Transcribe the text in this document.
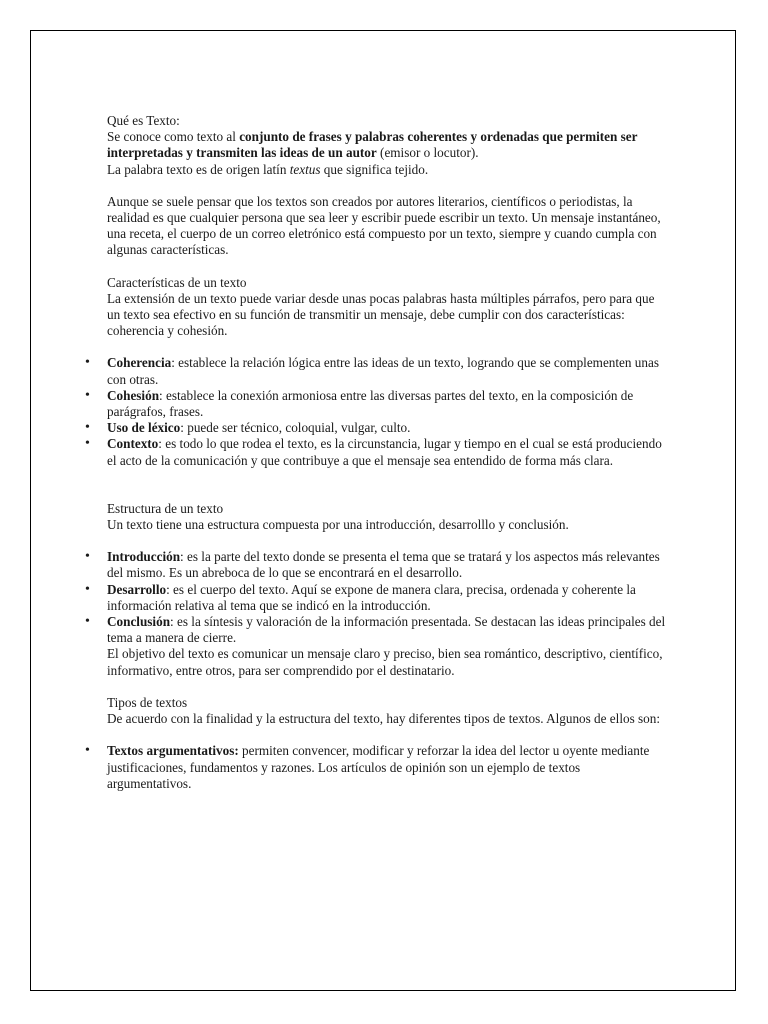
Qué es Texto:

Se conoce como texto al conjunto de frases y palabras coherentes y ordenadas que permiten ser interpretadas y transmiten las ideas de un autor (emisor o locutor).

La palabra texto es de origen latín textus que significa tejido.

Aunque se suele pensar que los textos son creados por autores literarios, científicos o periodistas, la realidad es que cualquier persona que sea leer y escribir puede escribir un texto. Un mensaje instantáneo, una receta, el cuerpo de un correo eletrónico está compuesto por un texto, siempre y cuando cumpla con algunas características.

Características de un texto

La extensión de un texto puede variar desde unas pocas palabras hasta múltiples párrafos, pero para que un texto sea efectivo en su función de transmitir un mensaje, debe cumplir con dos características: coherencia y cohesión.

• Coherencia: establece la relación lógica entre las ideas de un texto, logrando que se complementen unas con otras.
• Cohesión: establece la conexión armoniosa entre las diversas partes del texto, en la composición de parágrafos, frases.
• Uso de léxico: puede ser técnico, coloquial, vulgar, culto.
• Contexto: es todo lo que rodea el texto, es la circunstancia, lugar y tiempo en el cual se está produciendo el acto de la comunicación y que contribuye a que el mensaje sea entendido de forma más clara.

Estructura de un texto

Un texto tiene una estructura compuesta por una introducción, desarrolllo y conclusión.

• Introducción: es la parte del texto donde se presenta el tema que se tratará y los aspectos más relevantes del mismo. Es un abreboca de lo que se encontrará en el desarrollo.
• Desarrollo: es el cuerpo del texto. Aquí se expone de manera clara, precisa, ordenada y coherente la información relativa al tema que se indicó en la introducción.
• Conclusión: es la síntesis y valoración de la información presentada. Se destacan las ideas principales del tema a manera de cierre.
El objetivo del texto es comunicar un mensaje claro y preciso, bien sea romántico, descriptivo, científico, informativo, entre otros, para ser comprendido por el destinatario.

Tipos de textos

De acuerdo con la finalidad y la estructura del texto, hay diferentes tipos de textos. Algunos de ellos son:

• Textos argumentativos: permiten convencer, modificar y reforzar la idea del lector u oyente mediante justificaciones, fundamentos y razones. Los artículos de opinión son un ejemplo de textos argumentativos.
